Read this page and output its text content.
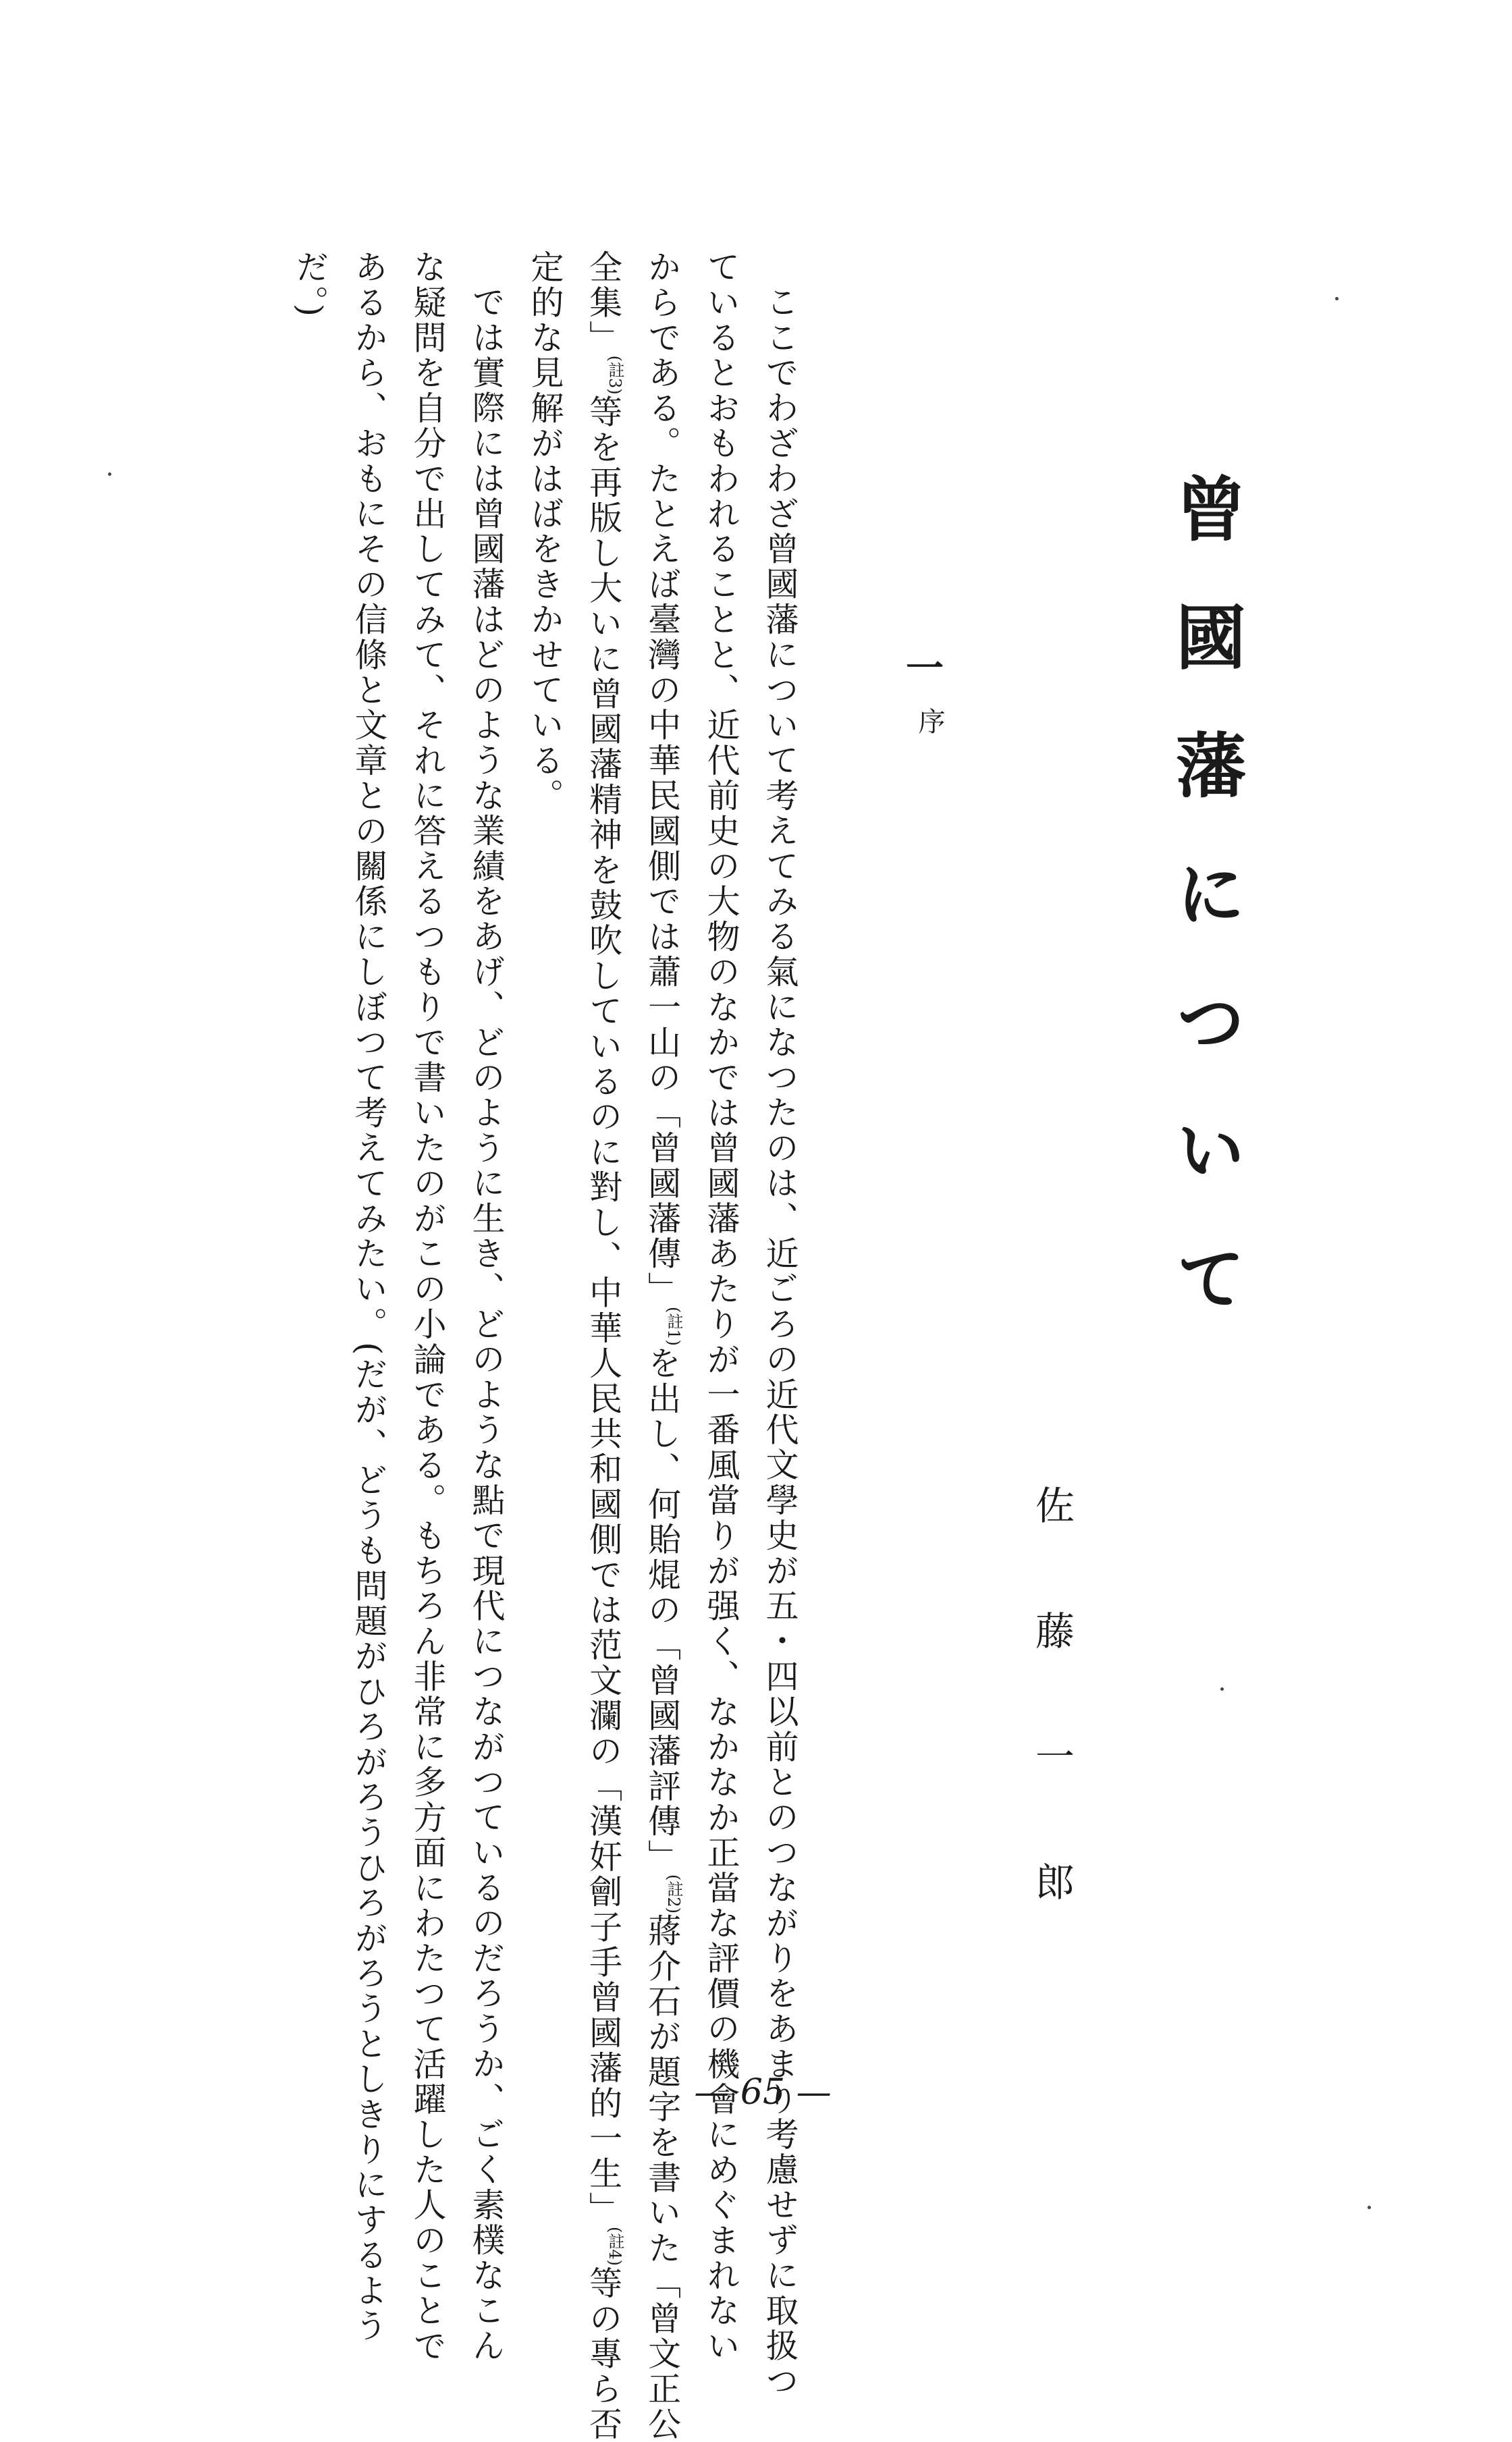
曾國藩について
佐藤一郎
一
序
ここでわざわざ曾國藩について考えてみる氣になつたのは、近ごろの近代文學史が五・四以前とのつながりをあまり考慮せずに取扱つ
ているとおもわれることと、近代前史の大物のなかでは曾國藩あたりが一番風當りが强く、なかなか正當な評價の機會にめぐまれない
からである。たとえば臺灣の中華民國側では蕭一山の「曾國藩傳」$^{(註1)}$を出し、何貽焜の「曾國藩評傳」$^{(註2)}$蔣介石が題字を書いた「曾文正公
全集」$^{(註3)}$等を再版し大いに曾國藩精神を鼓吹しているのに對し、中華人民共和國側では范文瀾の「漢奸劊子手曾國藩的一生」$^{(註4)}$等の專ら否
定的な見解がはばをきかせている。
では實際には曾國藩はどのような業績をあげ、どのように生き、どのような點で現代につながつているのだろうか、ごく素樸なこん
な疑問を自分で出してみて、それに答えるつもりで書いたのがこの小論である。もちろん非常に多方面にわたつて活躍した人のことで
あるから、おもにその信條と文章との關係にしぼつて考えてみたい。(だが、どうも問題がひろがろうひろがろうとしきりにするよう
だ。)
— 65 —
